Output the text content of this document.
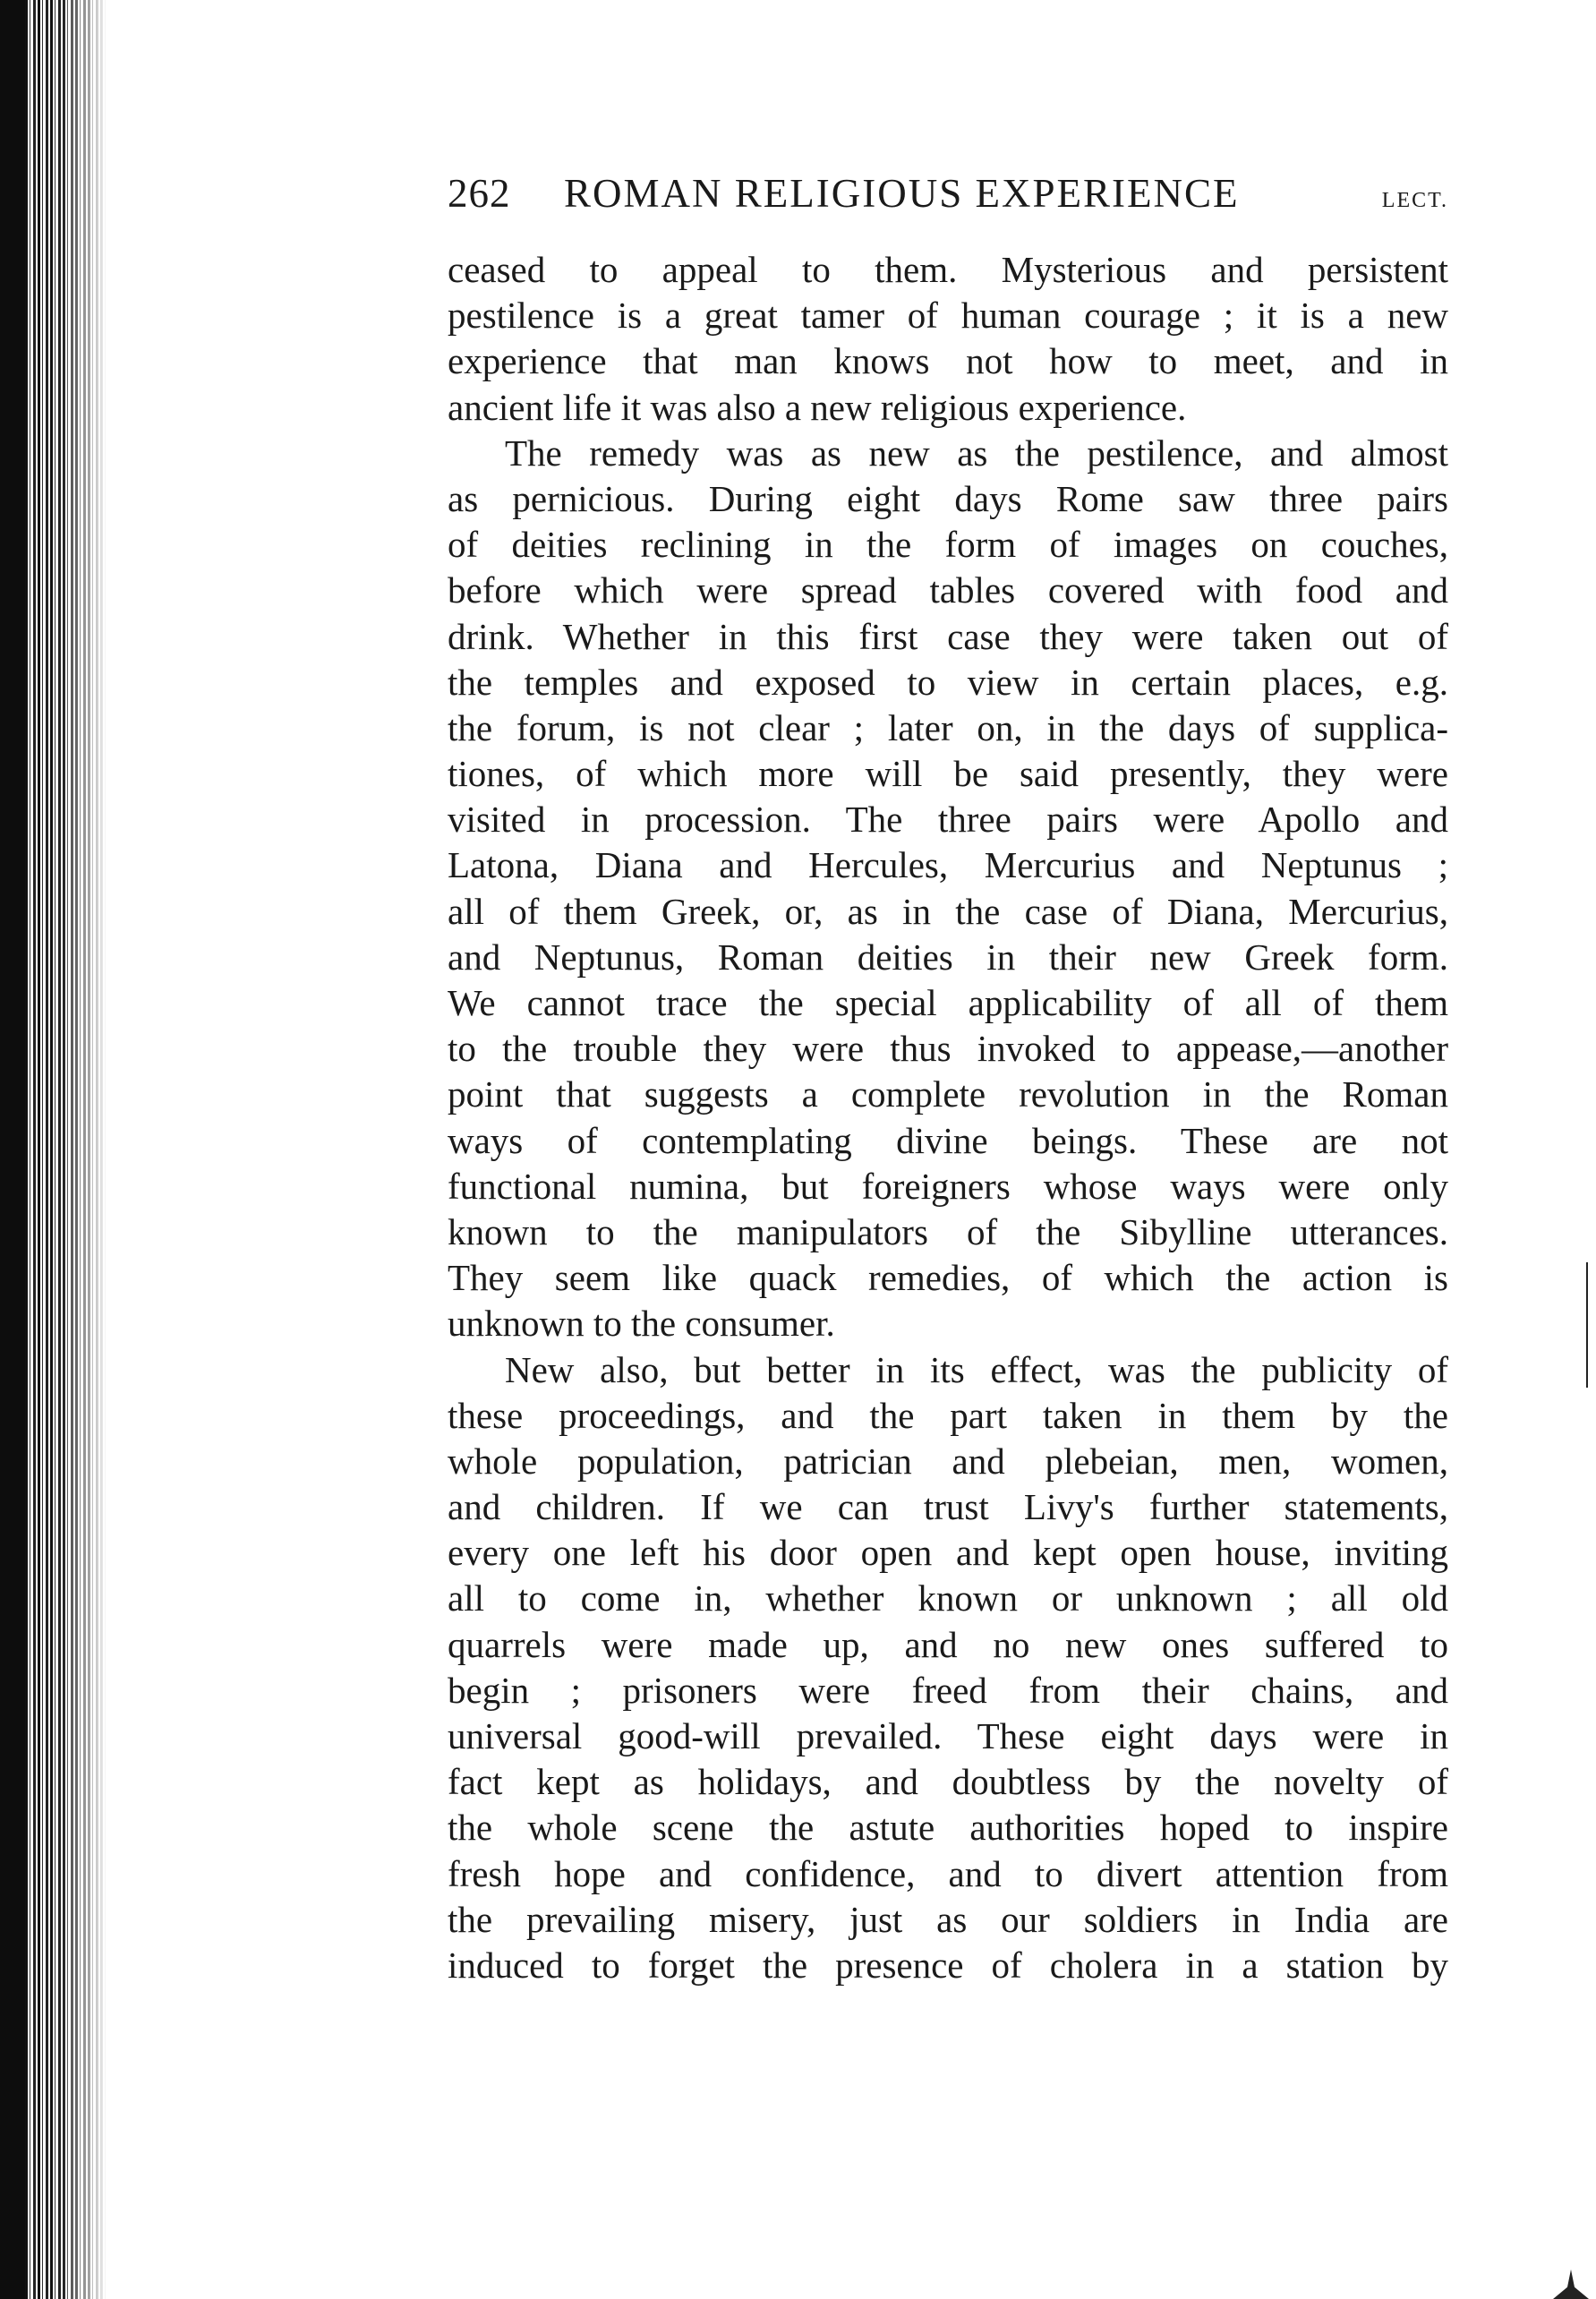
262	ROMAN RELIGIOUS EXPERIENCE	LECT.
ceased to appeal to them. Mysterious and persistent
pestilence is a great tamer of human courage ; it is a new
experience that man knows not how to meet, and in
ancient life it was also a new religious experience.
The remedy was as new as the pestilence, and almost
as pernicious. During eight days Rome saw three pairs
of deities reclining in the form of images on couches,
before which were spread tables covered with food and
drink. Whether in this first case they were taken out of
the temples and exposed to view in certain places, e.g.
the forum, is not clear ; later on, in the days of supplica-
tiones, of which more will be said presently, they were
visited in procession. The three pairs were Apollo and
Latona, Diana and Hercules, Mercurius and Neptunus ;
all of them Greek, or, as in the case of Diana, Mercurius,
and Neptunus, Roman deities in their new Greek form.
We cannot trace the special applicability of all of them
to the trouble they were thus invoked to appease,—another
point that suggests a complete revolution in the Roman
ways of contemplating divine beings. These are not
functional numina, but foreigners whose ways were only
known to the manipulators of the Sibylline utterances.
They seem like quack remedies, of which the action is
unknown to the consumer.
New also, but better in its effect, was the publicity of
these proceedings, and the part taken in them by the
whole population, patrician and plebeian, men, women,
and children. If we can trust Livy's further statements,
every one left his door open and kept open house, inviting
all to come in, whether known or unknown ; all old
quarrels were made up, and no new ones suffered to
begin ; prisoners were freed from their chains, and
universal good-will prevailed. These eight days were in
fact kept as holidays, and doubtless by the novelty of
the whole scene the astute authorities hoped to inspire
fresh hope and confidence, and to divert attention from
the prevailing misery, just as our soldiers in India are
induced to forget the presence of cholera in a station by
